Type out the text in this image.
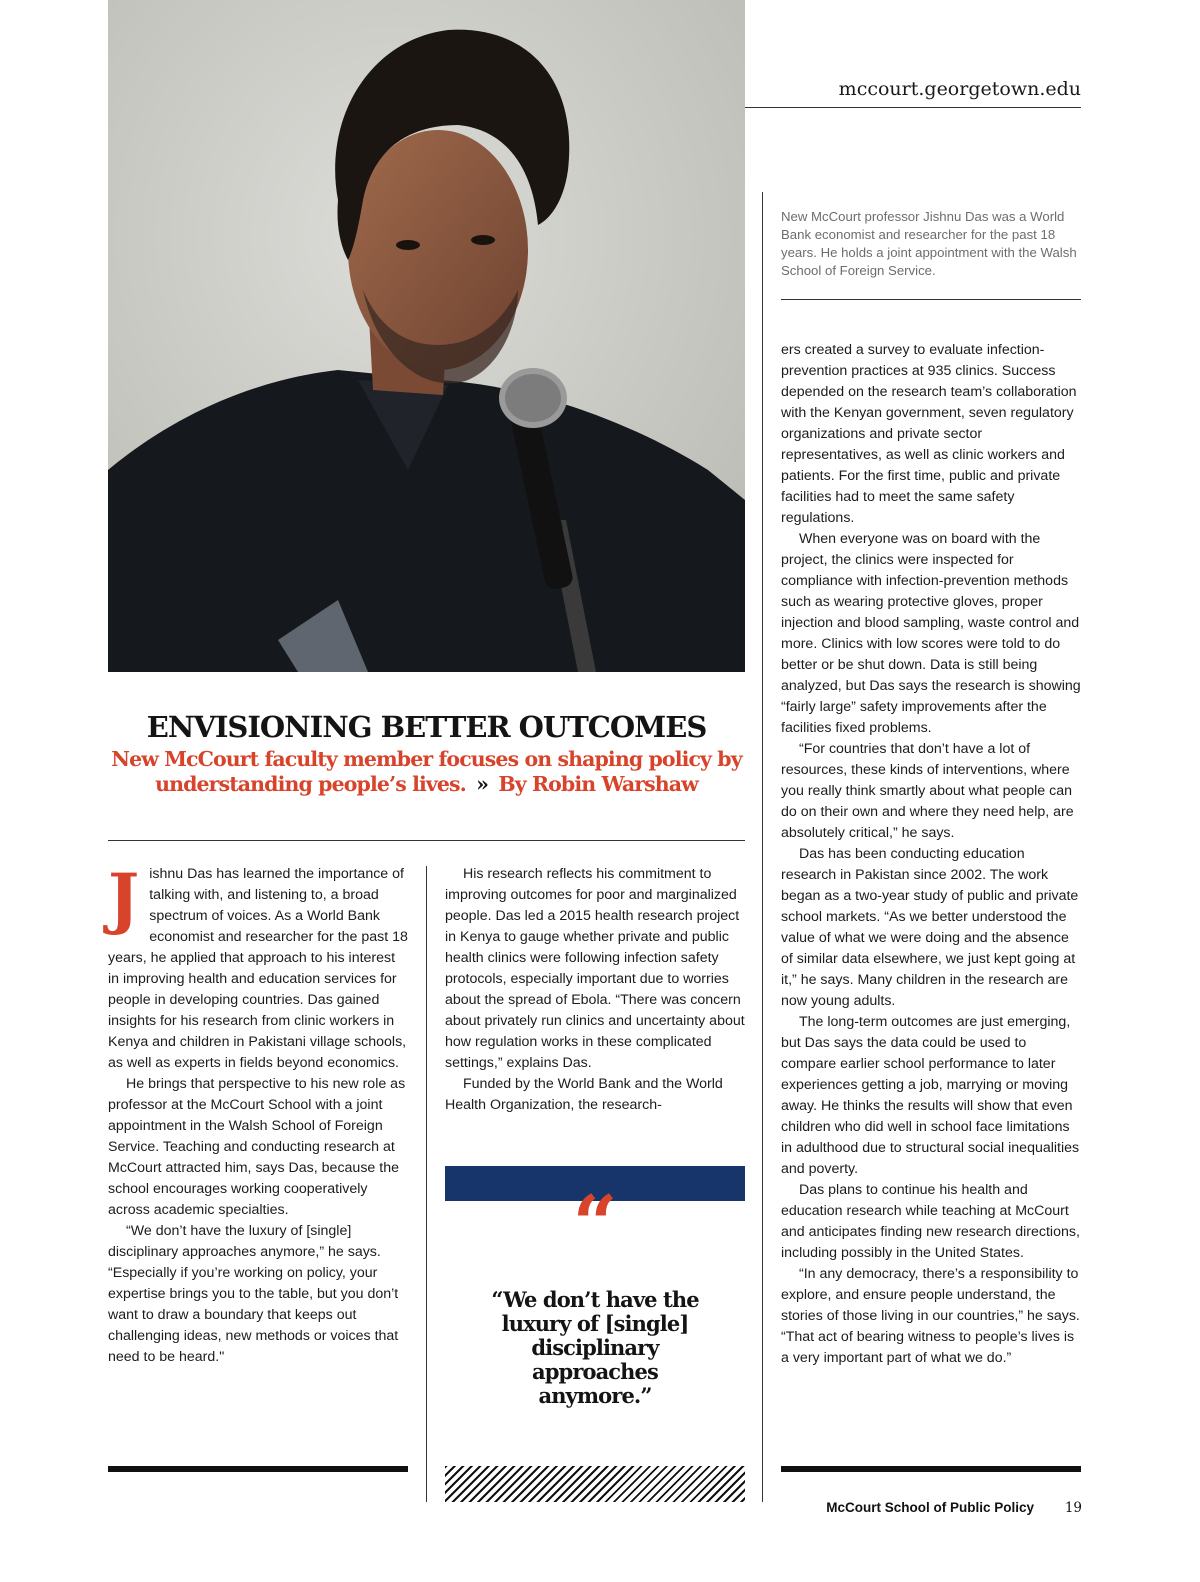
mccourt.georgetown.edu
New McCourt professor Jishnu Das was a World Bank economist and researcher for the past 18 years. He holds a joint appointment with the Walsh School of Foreign Service.
ENVISIONING BETTER OUTCOMES
New McCourt faculty member focuses on shaping policy by understanding people’s lives. » By Robin Warshaw

Jishnu Das has learned the importance of talking with, and listening to, a broad spectrum of voices. As a World Bank economist and researcher for the past 18 years, he applied that approach to his interest in improving health and education services for people in developing countries. Das gained insights for his research from clinic workers in Kenya and children in Pakistani village schools, as well as experts in fields beyond economics.

He brings that perspective to his new role as professor at the McCourt School with a joint appointment in the Walsh School of Foreign Service. Teaching and conducting research at McCourt attracted him, says Das, because the school encourages working cooperatively across academic specialties.

“We don’t have the luxury of [single] disciplinary approaches anymore,” he says. “Especially if you’re working on policy, your expertise brings you to the table, but you don’t want to draw a boundary that keeps out challenging ideas, new methods or voices that need to be heard."

His research reflects his commitment to improving outcomes for poor and marginalized people. Das led a 2015 health research project in Kenya to gauge whether private and public health clinics were following infection safety protocols, especially important due to worries about the spread of Ebola. “There was concern about privately run clinics and uncertainty about how regulation works in these complicated settings,” explains Das.

Funded by the World Bank and the World Health Organization, the research-

“
“We don’t have the luxury of [single] disciplinary approaches anymore.”

ers created a survey to evaluate infection-prevention practices at 935 clinics. Success depended on the research team’s collaboration with the Kenyan government, seven regulatory organizations and private sector representatives, as well as clinic workers and patients. For the first time, public and private facilities had to meet the same safety regulations.

When everyone was on board with the project, the clinics were inspected for compliance with infection-prevention methods such as wearing protective gloves, proper injection and blood sampling, waste control and more. Clinics with low scores were told to do better or be shut down. Data is still being analyzed, but Das says the research is showing “fairly large” safety improvements after the facilities fixed problems.

“For countries that don’t have a lot of resources, these kinds of interventions, where you really think smartly about what people can do on their own and where they need help, are absolutely critical,” he says.

Das has been conducting education research in Pakistan since 2002. The work began as a two-year study of public and private school markets. “As we better understood the value of what we were doing and the absence of similar data elsewhere, we just kept going at it,” he says. Many children in the research are now young adults.

The long-term outcomes are just emerging, but Das says the data could be used to compare earlier school performance to later experiences getting a job, marrying or moving away. He thinks the results will show that even children who did well in school face limitations in adulthood due to structural social inequalities and poverty.

Das plans to continue his health and education research while teaching at McCourt and anticipates finding new research directions, including possibly in the United States.

“In any democracy, there’s a responsibility to explore, and ensure people understand, the stories of those living in our countries,” he says. “That act of bearing witness to people’s lives is a very important part of what we do.”

McCourt School of Public Policy 19
